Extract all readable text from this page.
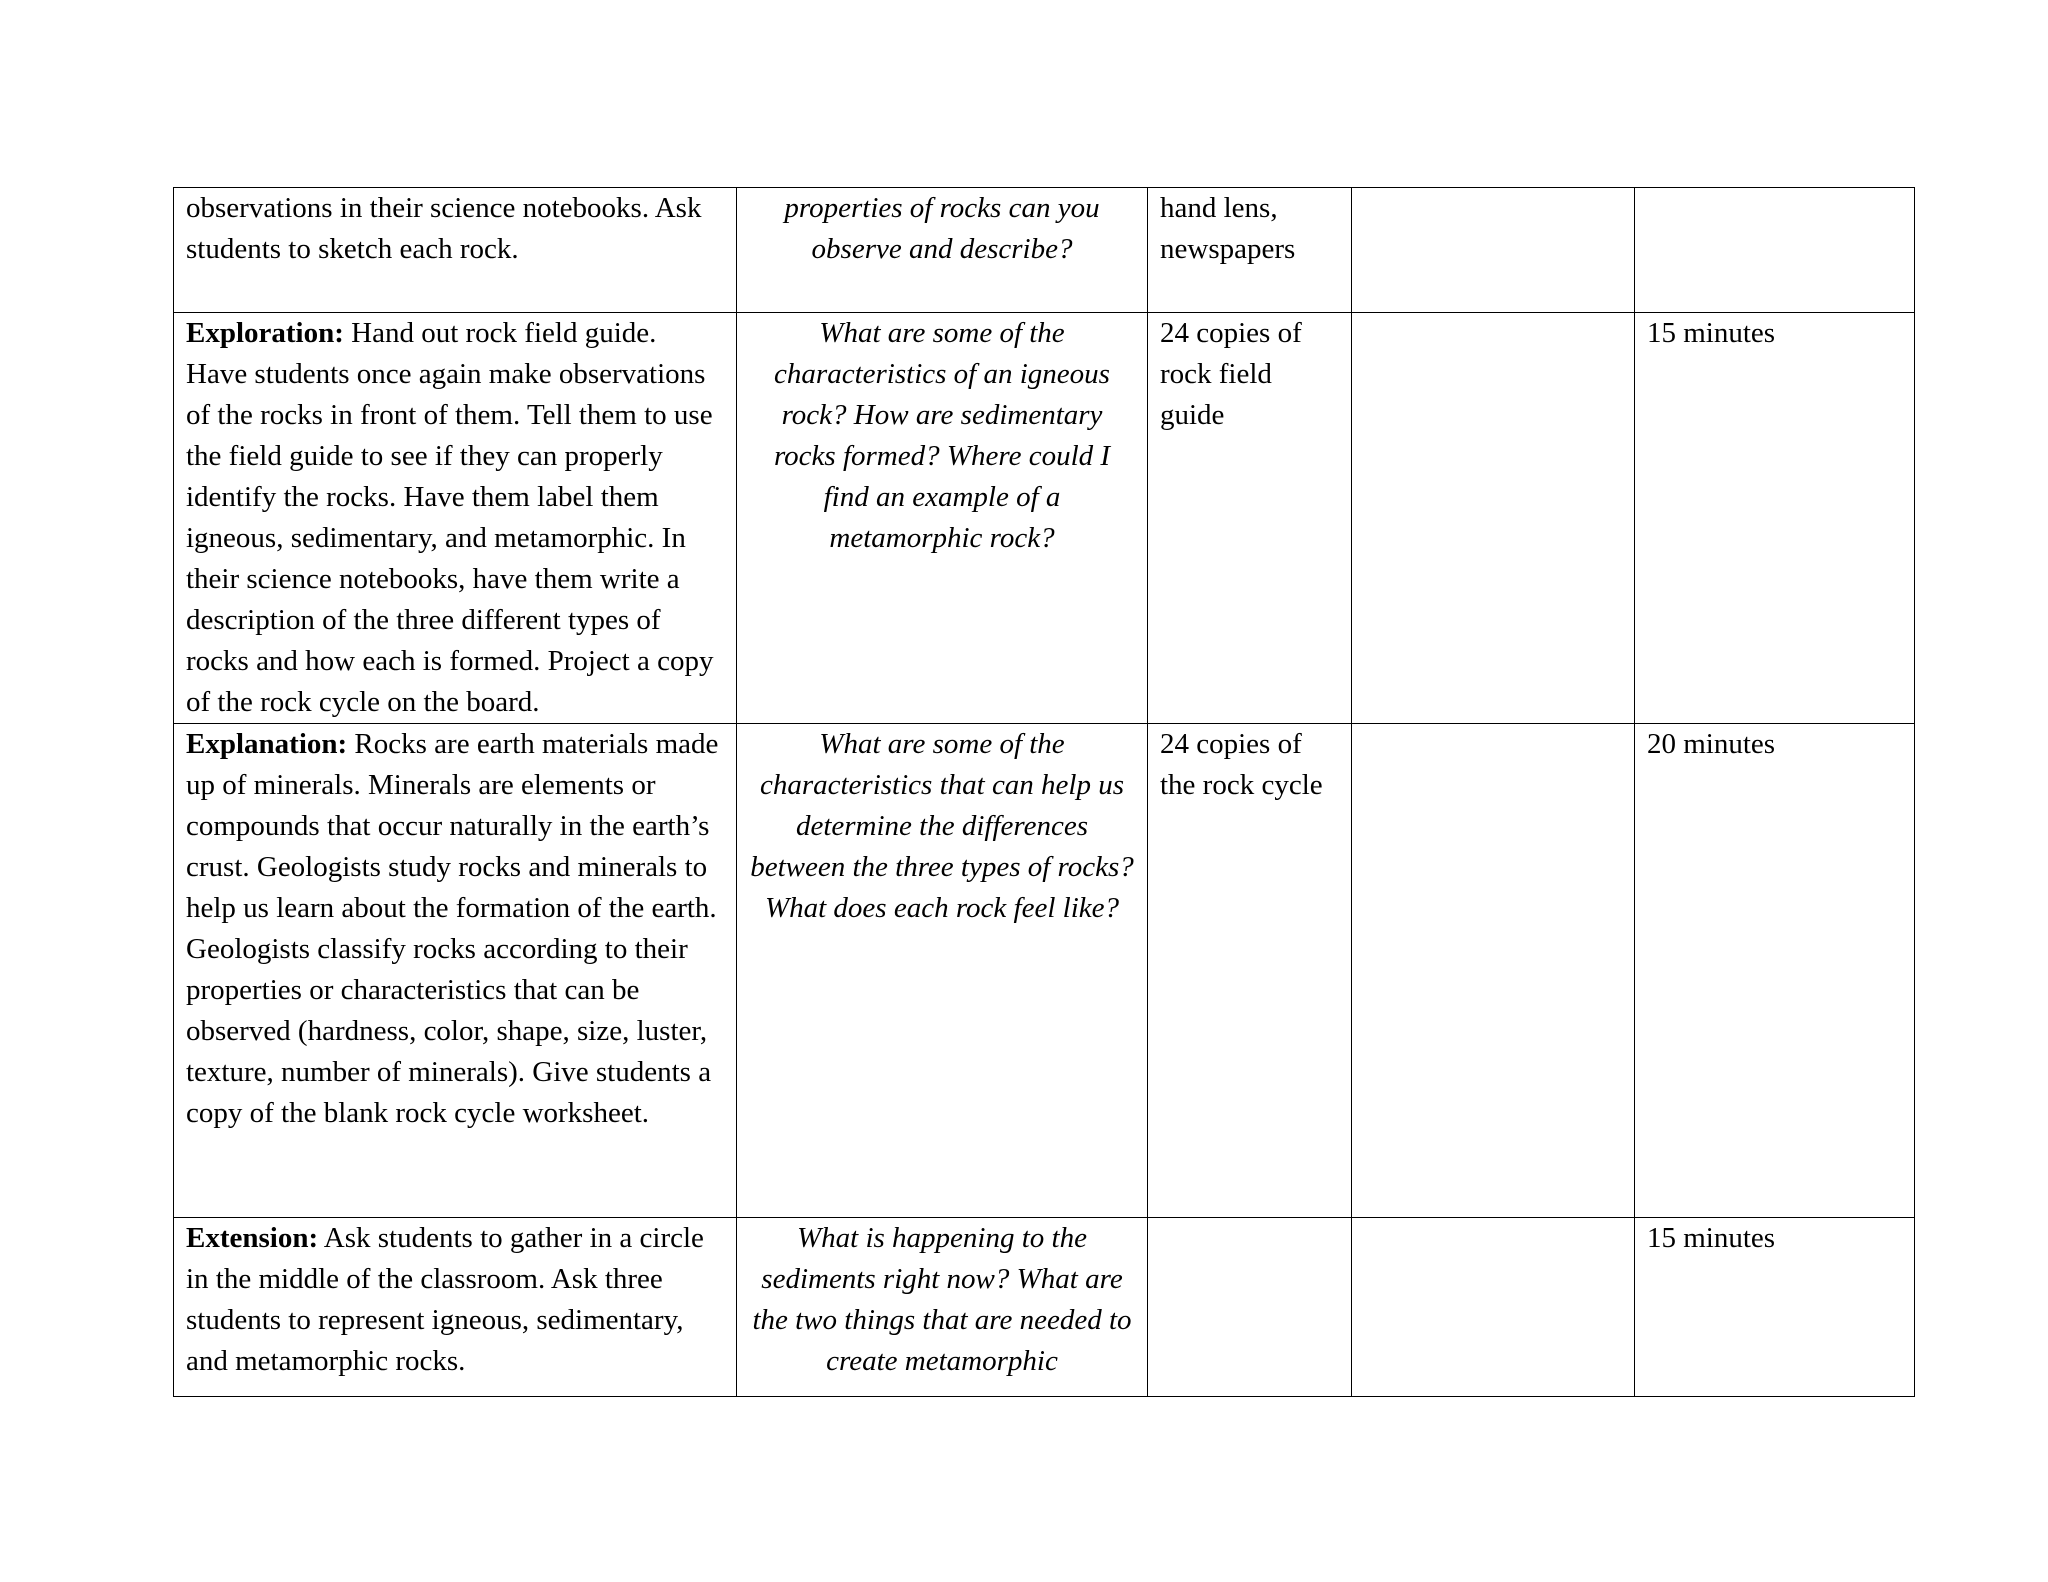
observations in their science notebooks. Ask students to sketch each rock.	properties of rocks can you observe and describe?	hand lens, newspapers		
Exploration: Hand out rock field guide. Have students once again make observations of the rocks in front of them. Tell them to use the field guide to see if they can properly identify the rocks. Have them label them igneous, sedimentary, and metamorphic. In their science notebooks, have them write a description of the three different types of rocks and how each is formed. Project a copy of the rock cycle on the board.	What are some of the characteristics of an igneous rock? How are sedimentary rocks formed? Where could I find an example of a metamorphic rock?	24 copies of rock field guide		15 minutes
Explanation: Rocks are earth materials made up of minerals. Minerals are elements or compounds that occur naturally in the earth’s crust. Geologists study rocks and minerals to help us learn about the formation of the earth. Geologists classify rocks according to their properties or characteristics that can be observed (hardness, color, shape, size, luster, texture, number of minerals). Give students a copy of the blank rock cycle worksheet.	What are some of the characteristics that can help us determine the differences between the three types of rocks? What does each rock feel like?	24 copies of the rock cycle		20 minutes
Extension: Ask students to gather in a circle in the middle of the classroom. Ask three students to represent igneous, sedimentary, and metamorphic rocks.	What is happening to the sediments right now? What are the two things that are needed to create metamorphic			15 minutes
